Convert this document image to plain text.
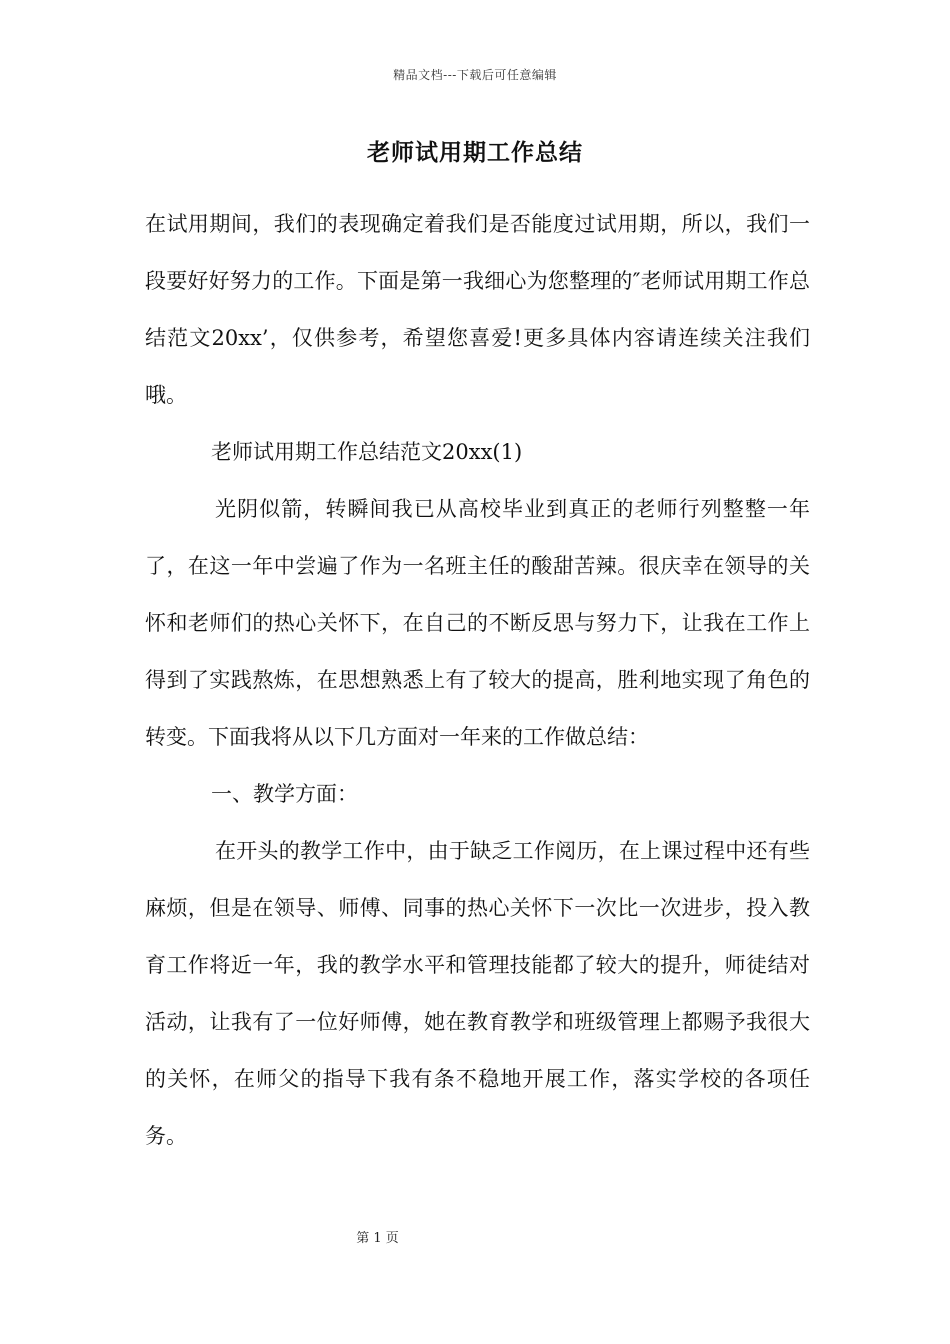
精品文档---下载后可任意编辑
老师试用期工作总结

在试用期间，我们的表现确定着我们是否能度过试用期，所以，我们一段要好好努力的工作。下面是第一我细心为您整理的″老师试用期工作总结范文20xx’，仅供参考，希望您喜爱!更多具体内容请连续关注我们哦。

老师试用期工作总结范文20xx(1)

光阴似箭，转瞬间我已从高校毕业到真正的老师行列整整一年了，在这一年中尝遍了作为一名班主任的酸甜苦辣。很庆幸在领导的关怀和老师们的热心关怀下，在自己的不断反思与努力下，让我在工作上得到了实践熬炼，在思想熟悉上有了较大的提高，胜利地实现了角色的转变。下面我将从以下几方面对一年来的工作做总结：

一、教学方面：

在开头的教学工作中，由于缺乏工作阅历，在上课过程中还有些麻烦，但是在领导、师傅、同事的热心关怀下一次比一次进步，投入教育工作将近一年，我的教学水平和管理技能都了较大的提升，师徒结对活动，让我有了一位好师傅，她在教育教学和班级管理上都赐予我很大的关怀，在师父的指导下我有条不稳地开展工作，落实学校的各项任务。

第 1 页
